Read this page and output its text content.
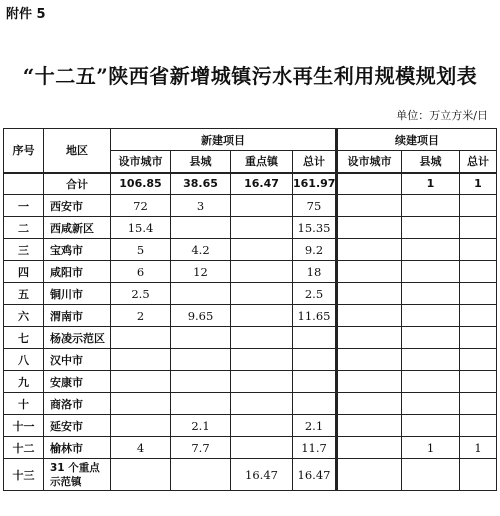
附件 5
“十二五”陕西省新增城镇污水再生利用规模规划表
单位：万立方米/日
序号	地区	新建项目				续建项目		
		设市城市	县城	重点镇	总计	设市城市	县城	总计
	合计	106.85	38.65	16.47	161.97		1	1
一	西安市	72	3		75			
二	西咸新区	15.4			15.35			
三	宝鸡市	5	4.2		9.2			
四	咸阳市	6	12		18			
五	铜川市	2.5			2.5			
六	渭南市	2	9.65		11.65			
七	杨凌示范区							
八	汉中市							
九	安康市							
十	商洛市							
十一	延安市		2.1		2.1			
十二	榆林市	4	7.7		11.7		1	1
十三	31 个重点示范镇			16.47	16.47			
